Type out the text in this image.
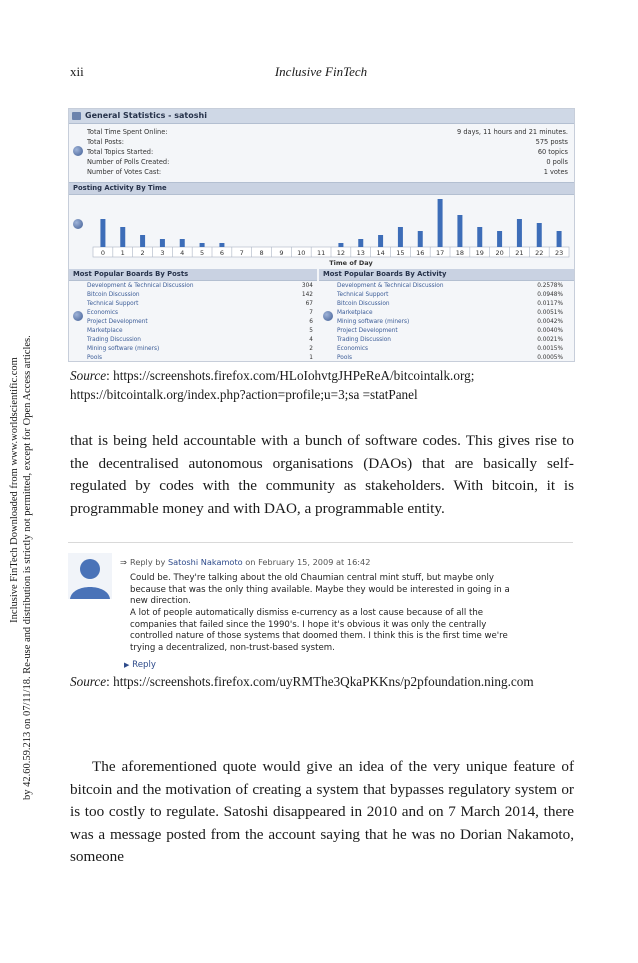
xii	Inclusive FinTech
Inclusive FinTech Downloaded from www.worldscientific.com by 42.60.59.213 on 07/11/18. Re-use and distribution is strictly not permitted, except for Open Access articles.
General Statistics - satoshi
Total Time Spent Online:	9 days, 11 hours and 21 minutes.
Total Posts:	575 posts
Total Topics Started:	60 topics
Number of Polls Created:	0 polls
Number of Votes Cast:	1 votes
Posting Activity By Time
0 1 2 3 4 5 6 7 8 9 10 11 12 13 14 15 16 17 18 19 20 21 22 23
Time of Day
Most Popular Boards By Posts	Most Popular Boards By Activity
Development & Technical Discussion	304
Bitcoin Discussion	142
Technical Support	67
Economics	7
Project Development	6
Marketplace	5
Trading Discussion	4
Mining software (miners)	2
Pools	1
Development & Technical Discussion	0.2578%
Technical Support	0.0948%
Bitcoin Discussion	0.0117%
Marketplace	0.0051%
Mining software (miners)	0.0042%
Project Development	0.0040%
Trading Discussion	0.0021%
Economics	0.0015%
Pools	0.0005%
Source: https://screenshots.firefox.com/HLoIohvtgJHPeReA/bitcointalk.org; https://bitcointalk.org/index.php?action=profile;u=3;sa =statPanel
that is being held accountable with a bunch of software codes. This gives rise to the decentralised autonomous organisations (DAOs) that are basically self-regulated by codes with the community as stakeholders. With bitcoin, it is programmable money and with DAO, a programmable entity.
⇒ Reply by Satoshi Nakamoto on February 15, 2009 at 16:42
Could be. They're talking about the old Chaumian central mint stuff, but maybe only because that was the only thing available. Maybe they would be interested in going in a new direction.
A lot of people automatically dismiss e-currency as a lost cause because of all the companies that failed since the 1990's. I hope it's obvious it was only the centrally controlled nature of those systems that doomed them. I think this is the first time we're trying a decentralized, non-trust-based system.
▶ Reply
Source: https://screenshots.firefox.com/uyRMThe3QkaPKKns/p2pfoundation.ning.com
The aforementioned quote would give an idea of the very unique feature of bitcoin and the motivation of creating a system that bypasses regulatory system or is too costly to regulate. Satoshi disappeared in 2010 and on 7 March 2014, there was a message posted from the account saying that he was no Dorian Nakamoto, someone
